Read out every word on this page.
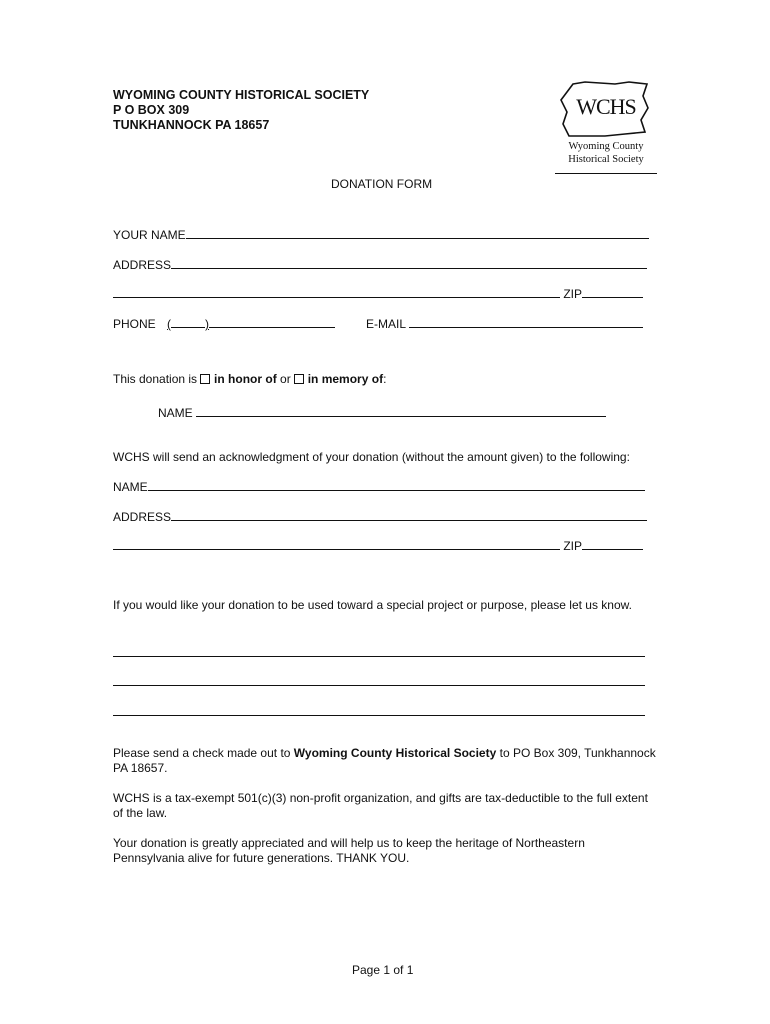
WYOMING COUNTY HISTORICAL SOCIETY
P O BOX 309
TUNKHANNOCK PA 18657
WCHS
Wyoming County
Historical Society
DONATION FORM
YOUR NAME
ADDRESS
ZIP
PHONE (	)	E-MAIL
This donation is in honor of or in memory of:
NAME
WCHS will send an acknowledgment of your donation (without the amount given) to the following:
NAME
ADDRESS
ZIP
If you would like your donation to be used toward a special project or purpose, please let us know.
Please send a check made out to Wyoming County Historical Society to PO Box 309, Tunkhannock PA 18657.
WCHS is a tax-exempt 501(c)(3) non-profit organization, and gifts are tax-deductible to the full extent of the law.
Your donation is greatly appreciated and will help us to keep the heritage of Northeastern Pennsylvania alive for future generations. THANK YOU.
Page 1 of 1
